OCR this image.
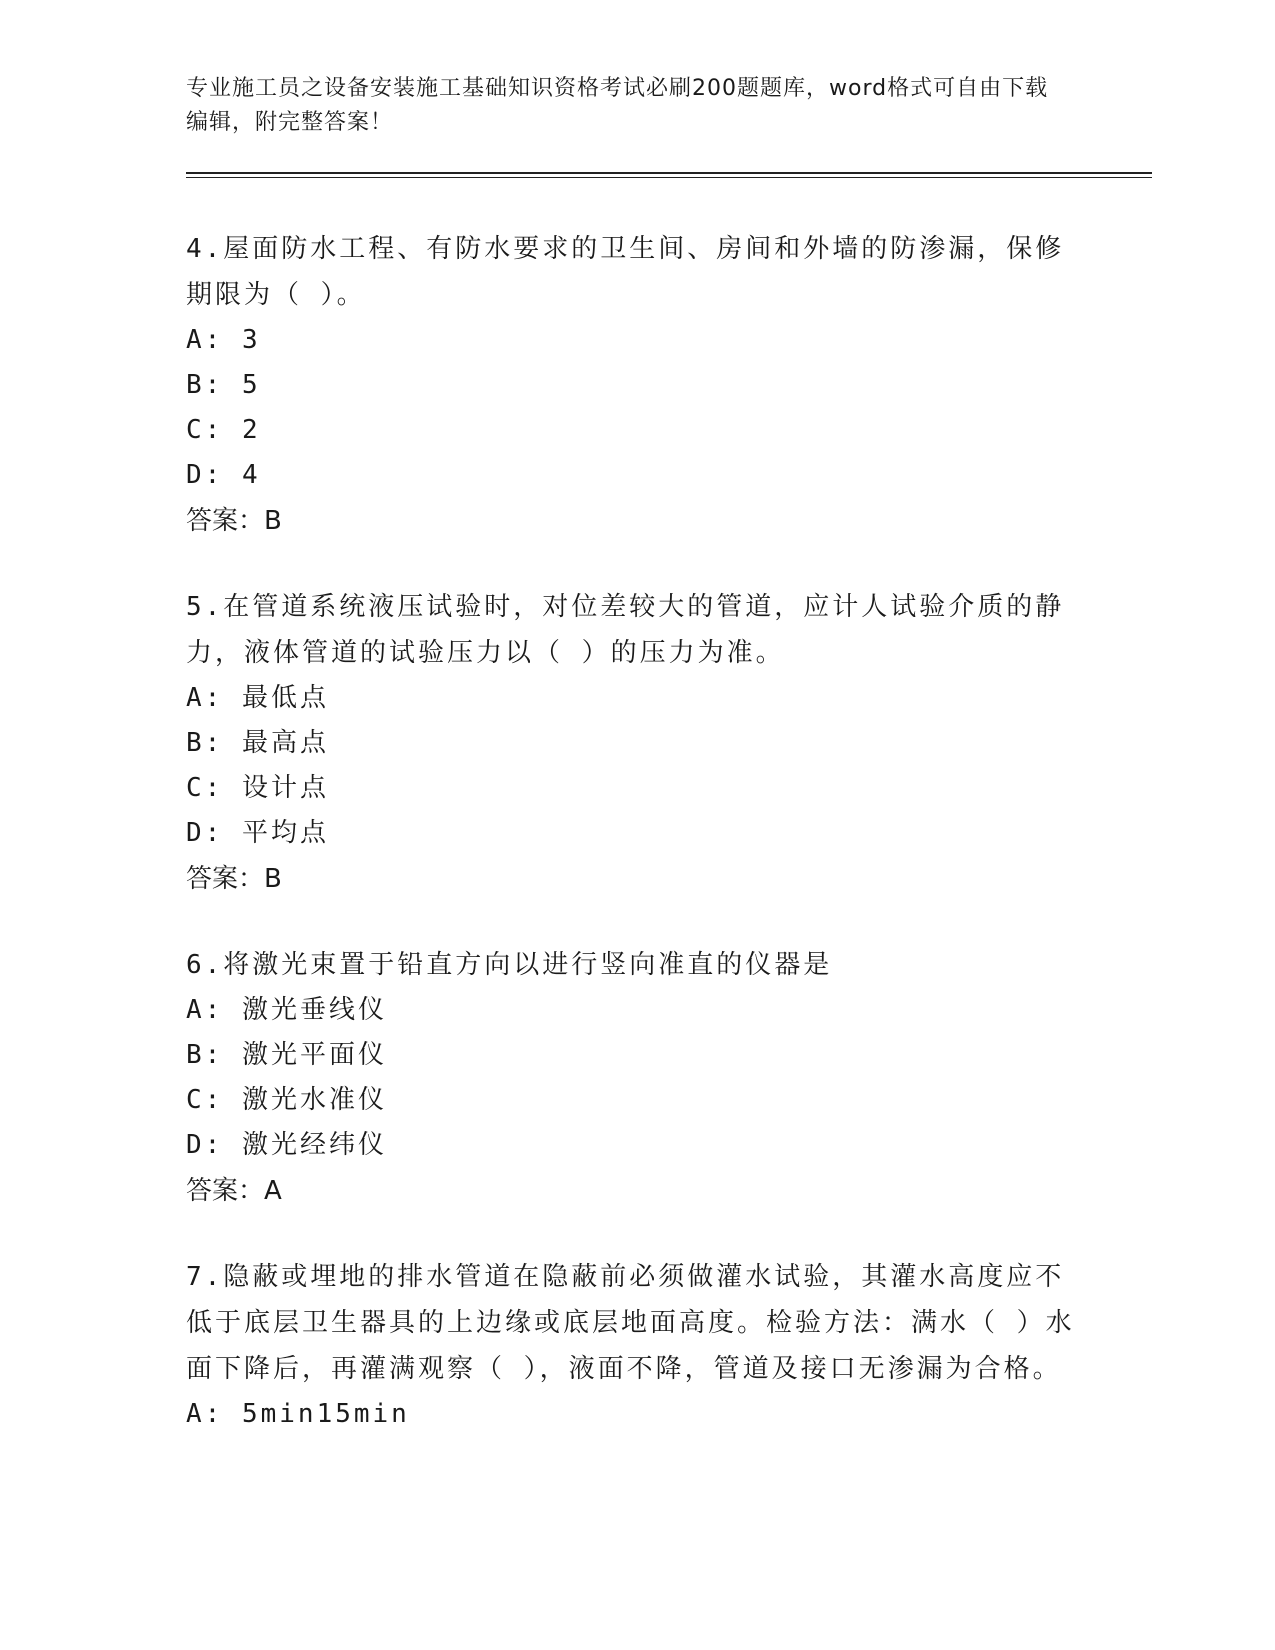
专业施工员之设备安装施工基础知识资格考试必刷200题题库，word格式可自由下载编辑，附完整答案！

4.屋面防水工程、有防水要求的卫生间、房间和外墙的防渗漏，保修期限为（ ）。

A: 3

B: 5

C: 2

D: 4

答案：B

5.在管道系统液压试验时，对位差较大的管道，应计人试验介质的静力，液体管道的试验压力以（ ）的压力为准。

A: 最低点

B: 最高点

C: 设计点

D: 平均点

答案：B

6.将激光束置于铅直方向以进行竖向准直的仪器是

A: 激光垂线仪

B: 激光平面仪

C: 激光水准仪

D: 激光经纬仪

答案：A

7.隐蔽或埋地的排水管道在隐蔽前必须做灌水试验，其灌水高度应不低于底层卫生器具的上边缘或底层地面高度。检验方法：满水（ ）水面下降后，再灌满观察（ ），液面不降，管道及接口无渗漏为合格。

A: 5min15min
